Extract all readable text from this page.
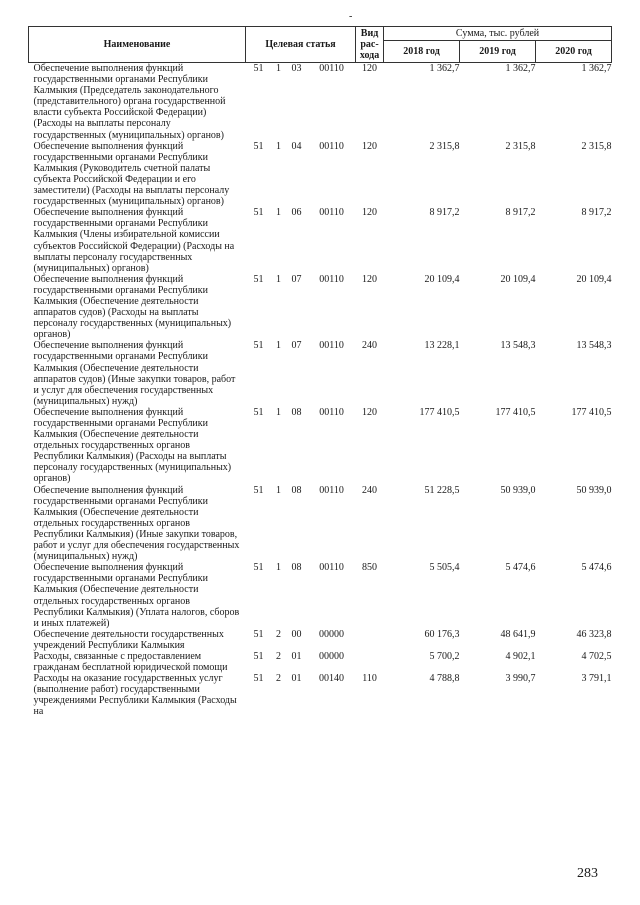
-
Наименование	Целевая статья				Вид
рас-
хода	Сумма, тыс. рублей		
						2018 год	2019 год	2020 год
Обеспечение выполнения функций государственными органами Республики Калмыкия (Председатель законодательного (представительного) органа государственной власти субъекта Российской Федерации) (Расходы на выплаты персоналу государственных (муниципальных) органов)	51	1	03	00110	120	1 362,7	1 362,7	1 362,7
Обеспечение выполнения функций государственными органами Республики Калмыкия (Руководитель счетной палаты субъекта Российской Федерации и его заместители) (Расходы на выплаты персоналу государственных (муниципальных) органов)	51	1	04	00110	120	2 315,8	2 315,8	2 315,8
Обеспечение выполнения функций государственными органами Республики Калмыкия (Члены избирательной комиссии субъектов Российской Федерации) (Расходы на выплаты персоналу государственных (муниципальных) органов)	51	1	06	00110	120	8 917,2	8 917,2	8 917,2
Обеспечение выполнения функций государственными органами Республики Калмыкия (Обеспечение деятельности аппаратов судов) (Расходы на выплаты персоналу государственных (муниципальных) органов)	51	1	07	00110	120	20 109,4	20 109,4	20 109,4
Обеспечение выполнения функций государственными органами Республики Калмыкия (Обеспечение деятельности аппаратов судов) (Иные закупки товаров, работ и услуг для обеспечения государственных (муниципальных) нужд)	51	1	07	00110	240	13 228,1	13 548,3	13 548,3
Обеспечение выполнения функций государственными органами Республики Калмыкия (Обеспечение деятельности отдельных государственных органов Республики Калмыкия) (Расходы на выплаты персоналу государственных (муниципальных) органов)	51	1	08	00110	120	177 410,5	177 410,5	177 410,5
Обеспечение выполнения функций государственными органами Республики Калмыкия (Обеспечение деятельности отдельных государственных органов Республики Калмыкия) (Иные закупки товаров, работ и услуг для обеспечения государственных (муниципальных) нужд)	51	1	08	00110	240	51 228,5	50 939,0	50 939,0
Обеспечение выполнения функций государственными органами Республики Калмыкия (Обеспечение деятельности отдельных государственных органов Республики Калмыкия) (Уплата налогов, сборов и иных платежей)	51	1	08	00110	850	5 505,4	5 474,6	5 474,6
Обеспечение деятельности государственных учреждений Республики Калмыкия	51	2	00	00000		60 176,3	48 641,9	46 323,8
Расходы, связанные с предоставлением гражданам бесплатной юридической помощи	51	2	01	00000		5 700,2	4 902,1	4 702,5
Расходы на оказание государственных услуг (выполнение работ) государственными учреждениями Республики Калмыкия (Расходы на	51	2	01	00140	110	4 788,8	3 990,7	3 791,1
283
